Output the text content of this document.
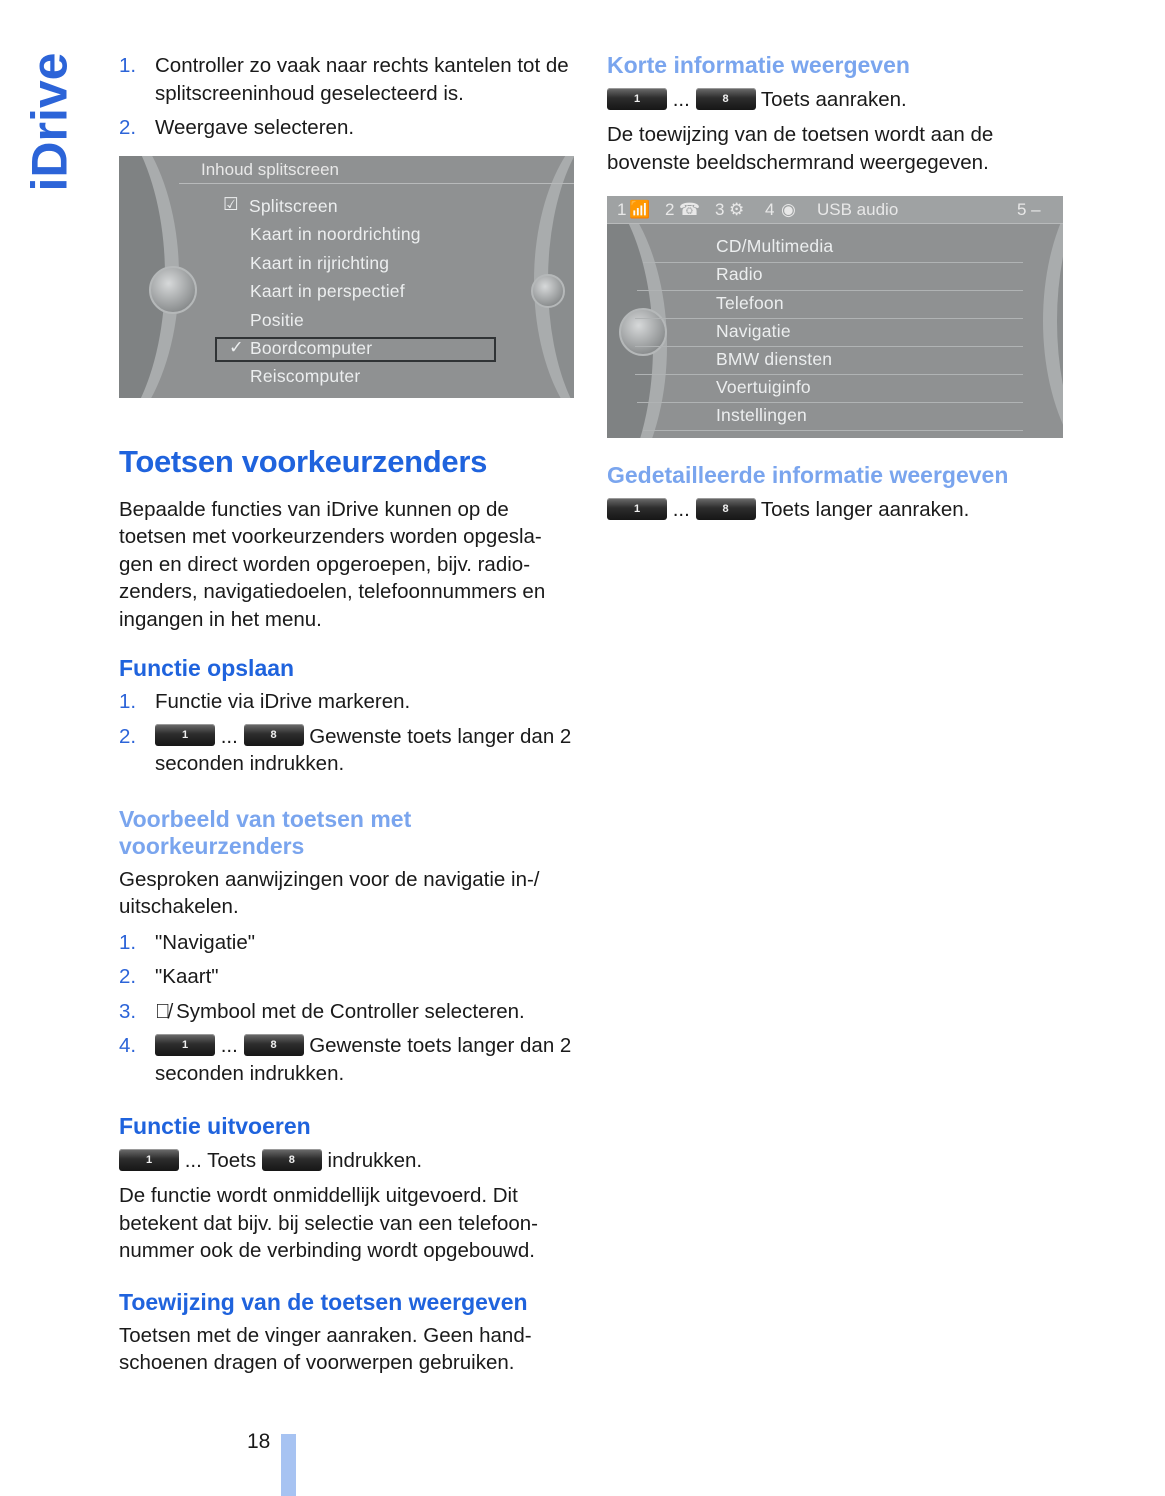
iDrive 1. Controller zo vaak naar rechts kantelen tot de splitscreeninhoud geselecteerd is.
2. Weergave selecteren.
Inhoud splitscreen
☑ Splitscreen
Kaart in noordrichting
Kaart in rijrichting
Kaart in perspectief
Positie
✓ Boordcomputer
Reiscomputer
Toetsen voorkeurzenders

Bepaalde functies van iDrive kunnen op de toetsen met voorkeurzenders worden opgesla-gen en direct worden opgeroepen, bijv. radio-zenders, navigatiedoelen, telefoonnummers en ingangen in het menu.

Functie opslaan
1. Functie via iDrive markeren.
2.	1 ...	8 Gewenste toets langer dan 2 seconden indrukken.
Voorbeeld van toetsen met voorkeurzenders

Gesproken aanwijzingen voor de navigatie in-/ uitschakelen.

1. "Navigatie"
2. "Kaart"
3. 🕬̸ Symbool met de Controller selecteren.
4.	1 ...	8 Gewenste toets langer dan 2 seconden indrukken.
Functie uitvoeren
1 ... Toets	8 indrukken.

De functie wordt onmiddellijk uitgevoerd. Dit betekent dat bijv. bij selectie van een telefoon-nummer ook de verbinding wordt opgebouwd.

Toewijzing van de toetsen weergeven

Toetsen met de vinger aanraken. Geen hand-schoenen dragen of voorwerpen gebruiken.

Korte informatie weergeven
1 ...	8 Toets aanraken.

De toewijzing van de toetsen wordt aan de bovenste beeldschermrand weergegeven.

1 📶 2 ☎ 3 ⚙ 4 ◉ USB audio	5 –
CD/Multimedia
Radio
Telefoon
Navigatie
BMW diensten
Voertuiginfo
Instellingen
Gedetailleerde informatie weergeven
1 ...	8 Toets langer aanraken.
18
